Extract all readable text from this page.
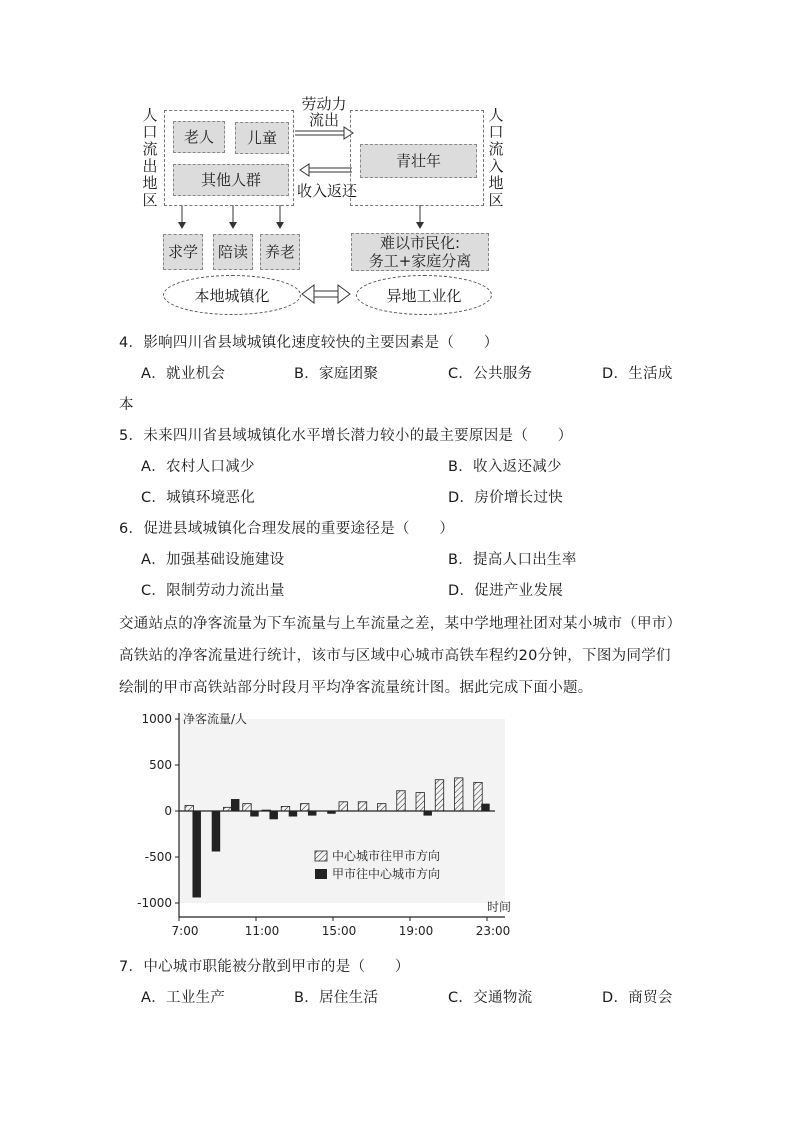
人口流出地区
老人 儿童
其他人群
劳动力流出
收入返还
青壮年
人口流入地区
求学 陪读 养老	难以市民化:
务工+家庭分离
本地城镇化	异地工业化
4．影响四川省县域城镇化速度较快的主要因素是（　　）
A．就业机会	B．家庭团聚	C．公共服务	D．生活成
本
5．未来四川省县域城镇化水平增长潜力较小的最主要原因是（　　）
A．农村人口减少	B．收入返还减少
C．城镇环境恶化	D．房价增长过快
6．促进县域城镇化合理发展的重要途径是（　　）
A．加强基础设施建设	B．提高人口出生率
C．限制劳动力流出量	D．促进产业发展
交通站点的净客流量为下车流量与上车流量之差，某中学地理社团对某小城市（甲市）
高铁站的净客流量进行统计，该市与区域中心城市高铁车程约20分钟，下图为同学们
绘制的甲市高铁站部分时段月平均净客流量统计图。据此完成下面小题。
1000
500
0
-500
-1000
净客流量/人
7:00	11:00	15:00	19:00	23:00
时间
中心城市往甲市方向
甲市往中心城市方向
7．中心城市职能被分散到甲市的是（　　）
A．工业生产	B．居住生活	C．交通物流	D．商贸会
